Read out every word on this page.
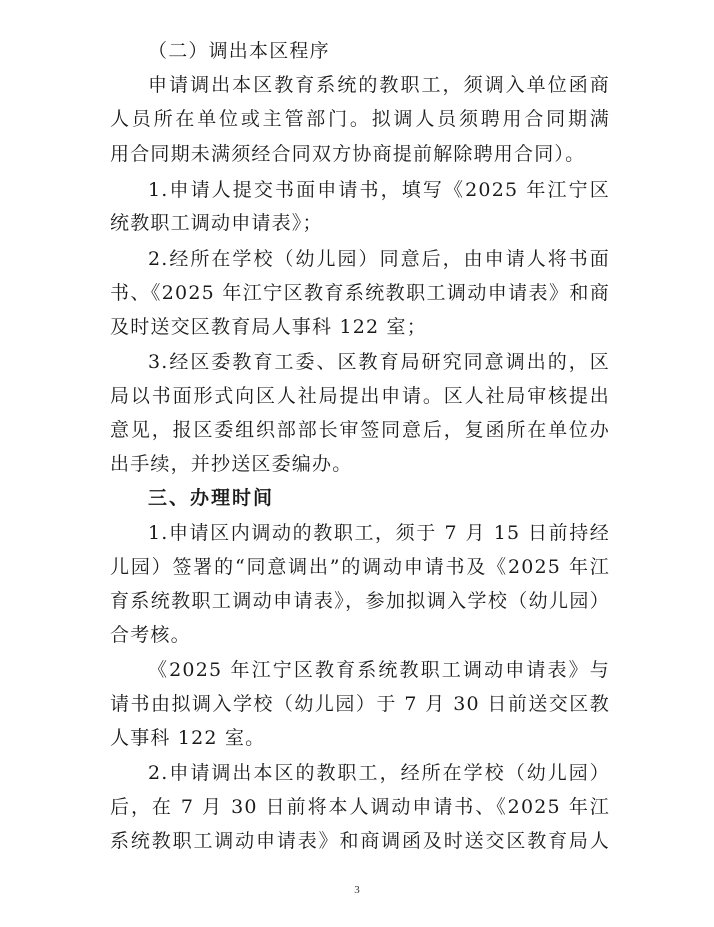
（二）调出本区程序
申请调出本区教育系统的教职工，须调入单位函商
人员所在单位或主管部门。拟调人员须聘用合同期满
用合同期未满须经合同双方协商提前解除聘用合同）。
1.申请人提交书面申请书，填写《2025 年江宁区
统教职工调动申请表》；
2.经所在学校（幼儿园）同意后，由申请人将书面
书、《2025 年江宁区教育系统教职工调动申请表》和商
及时送交区教育局人事科 122 室；
3.经区委教育工委、区教育局研究同意调出的，区
局以书面形式向区人社局提出申请。区人社局审核提出
意见，报区委组织部部长审签同意后，复函所在单位办
出手续，并抄送区委编办。
三、办理时间
1.申请区内调动的教职工，须于 7 月 15 日前持经
儿园）签署的“同意调出”的调动申请书及《2025 年江
育系统教职工调动申请表》，参加拟调入学校（幼儿园）
合考核。
《2025 年江宁区教育系统教职工调动申请表》与
请书由拟调入学校（幼儿园）于 7 月 30 日前送交区教
人事科 122 室。
2.申请调出本区的教职工，经所在学校（幼儿园）
后，在 7 月 30 日前将本人调动申请书、《2025 年江
系统教职工调动申请表》和商调函及时送交区教育局人
3
